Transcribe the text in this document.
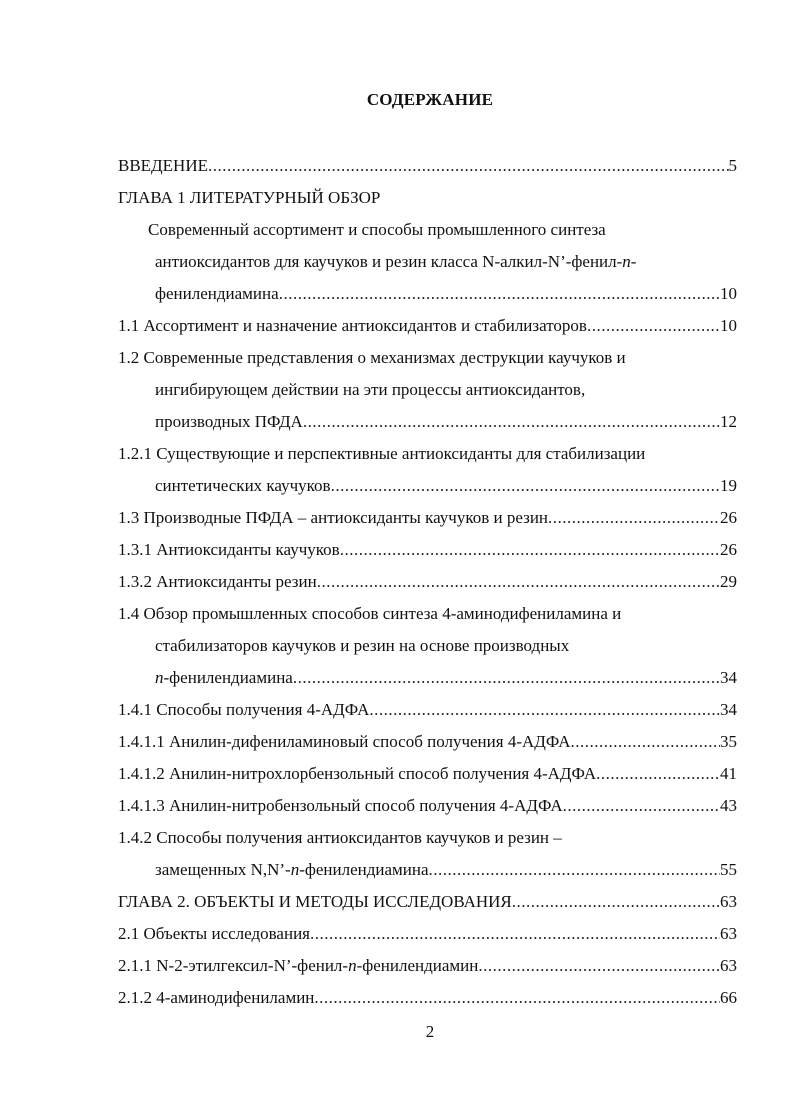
СОДЕРЖАНИЕ
ВВЕДЕНИЕ .....	5
ГЛАВА 1 ЛИТЕРАТУРНЫЙ ОБЗОР
Современный ассортимент и способы промышленного синтеза
антиоксидантов для каучуков и резин класса N-алкил-N’-фенил-п-
фенилендиамина .....	10
1.1 Ассортимент и назначение антиоксидантов и стабилизаторов .....	10
1.2 Современные представления о механизмах деструкции каучуков и
ингибирующем действии на эти процессы антиоксидантов,
производных ПФДА .....	12
1.2.1 Существующие и перспективные антиоксиданты для стабилизации
синтетических каучуков .....	19
1.3 Производные ПФДА – антиоксиданты каучуков и резин .....	26
1.3.1 Антиоксиданты каучуков .....	26
1.3.2 Антиоксиданты резин .....	29
1.4 Обзор промышленных способов синтеза 4-аминодифениламина и
стабилизаторов каучуков и резин на основе производных
п-фенилендиамина .....	34
1.4.1 Способы получения 4-АДФА .....	34
1.4.1.1 Анилин-дифениламиновый способ получения 4-АДФА .....	35
1.4.1.2 Анилин-нитрохлорбензольный способ получения 4-АДФА .....	41
1.4.1.3 Анилин-нитробензольный способ получения 4-АДФА .....	43
1.4.2 Способы получения антиоксидантов каучуков и резин –
замещенных N,N’-п-фенилендиамина .....	55
ГЛАВА 2. ОБЪЕКТЫ И МЕТОДЫ ИССЛЕДОВАНИЯ .....	63
2.1 Объекты исследования .....	63
2.1.1 N-2-этилгексил-N’-фенил-п-фенилендиамин .....	63
2.1.2 4-аминодифениламин .....	66
2
